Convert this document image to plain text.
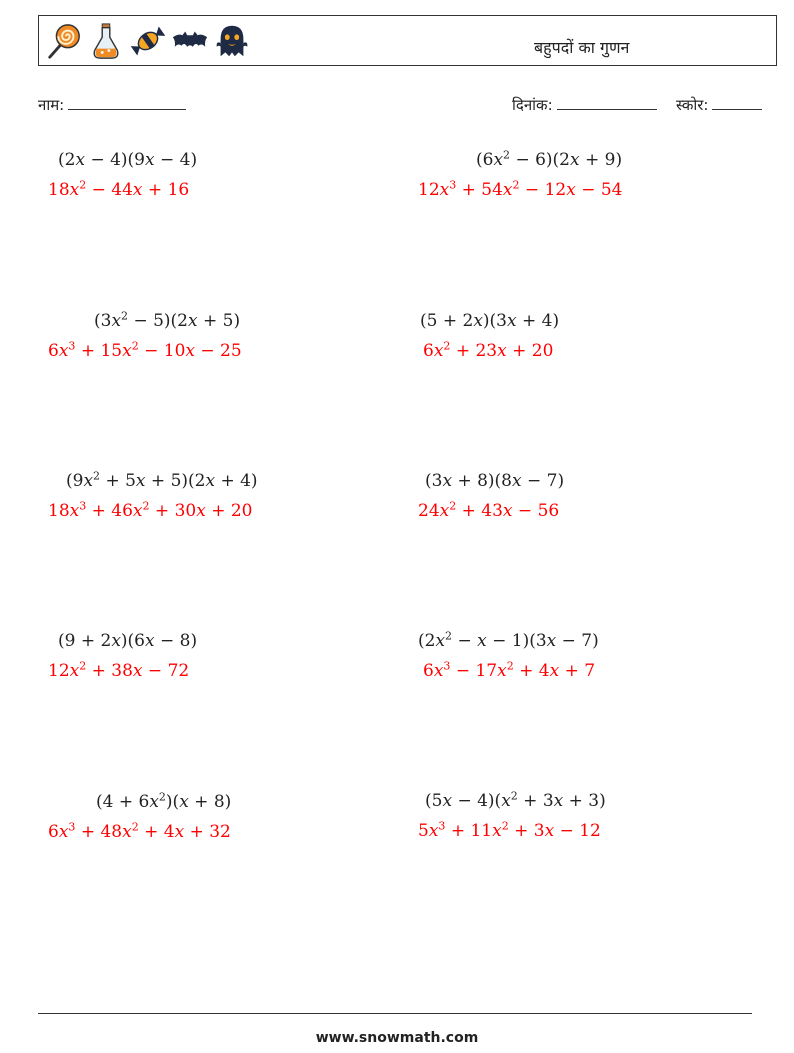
बहुपदों का गुणन
नाम:	दिनांक:	स्कोर:
(2x − 4)(9x − 4)
$18x^2 - 44x + 16$
$(6x^2 - 6)(2x + 9)$
$12x^3 + 54x^2 - 12x - 54$
$(3x^2 - 5)(2x + 5)$
$6x^3 + 15x^2 - 10x - 25$
(5 + 2x)(3x + 4)
$6x^2 + 23x + 20$
$(9x^2 + 5x + 5)(2x + 4)$
$18x^3 + 46x^2 + 30x + 20$
(3x + 8)(8x − 7)
$24x^2 + 43x - 56$
(9 + 2x)(6x − 8)
$12x^2 + 38x - 72$
$(2x^2 - x - 1)(3x - 7)$
$6x^3 - 17x^2 + 4x + 7$
$(4 + 6x^2)(x + 8)$
$6x^3 + 48x^2 + 4x + 32$
$(5x - 4)(x^2 + 3x + 3)$
$5x^3 + 11x^2 + 3x - 12$
www.snowmath.com
